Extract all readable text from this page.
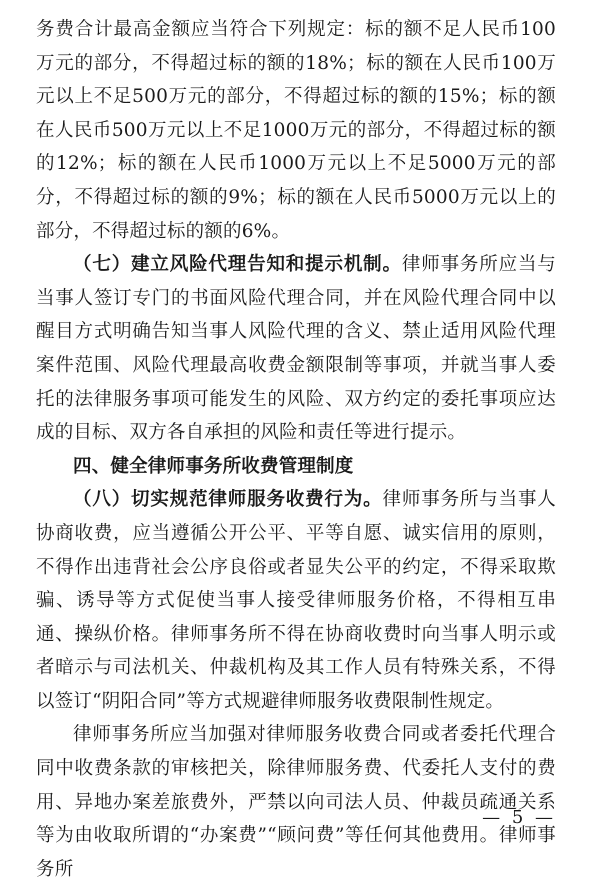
务费合计最高金额应当符合下列规定：标的额不足人民币100万元的部分，不得超过标的额的18%；标的额在人民币100万元以上不足500万元的部分，不得超过标的额的15%；标的额在人民币500万元以上不足1000万元的部分，不得超过标的额的12%；标的额在人民币1000万元以上不足5000万元的部分，不得超过标的额的9%；标的额在人民币5000万元以上的部分，不得超过标的额的6%。

（七）建立风险代理告知和提示机制。律师事务所应当与当事人签订专门的书面风险代理合同，并在风险代理合同中以醒目方式明确告知当事人风险代理的含义、禁止适用风险代理案件范围、风险代理最高收费金额限制等事项，并就当事人委托的法律服务事项可能发生的风险、双方约定的委托事项应达成的目标、双方各自承担的风险和责任等进行提示。

四、健全律师事务所收费管理制度

（八）切实规范律师服务收费行为。律师事务所与当事人协商收费，应当遵循公开公平、平等自愿、诚实信用的原则，不得作出违背社会公序良俗或者显失公平的约定，不得采取欺骗、诱导等方式促使当事人接受律师服务价格，不得相互串通、操纵价格。律师事务所不得在协商收费时向当事人明示或者暗示与司法机关、仲裁机构及其工作人员有特殊关系，不得以签订“阴阳合同”等方式规避律师服务收费限制性规定。

律师事务所应当加强对律师服务收费合同或者委托代理合同中收费条款的审核把关，除律师服务费、代委托人支付的费用、异地办案差旅费外，严禁以向司法人员、仲裁员疏通关系等为由收取所谓的“办案费”“顾问费”等任何其他费用。律师事务所

— 5 —
